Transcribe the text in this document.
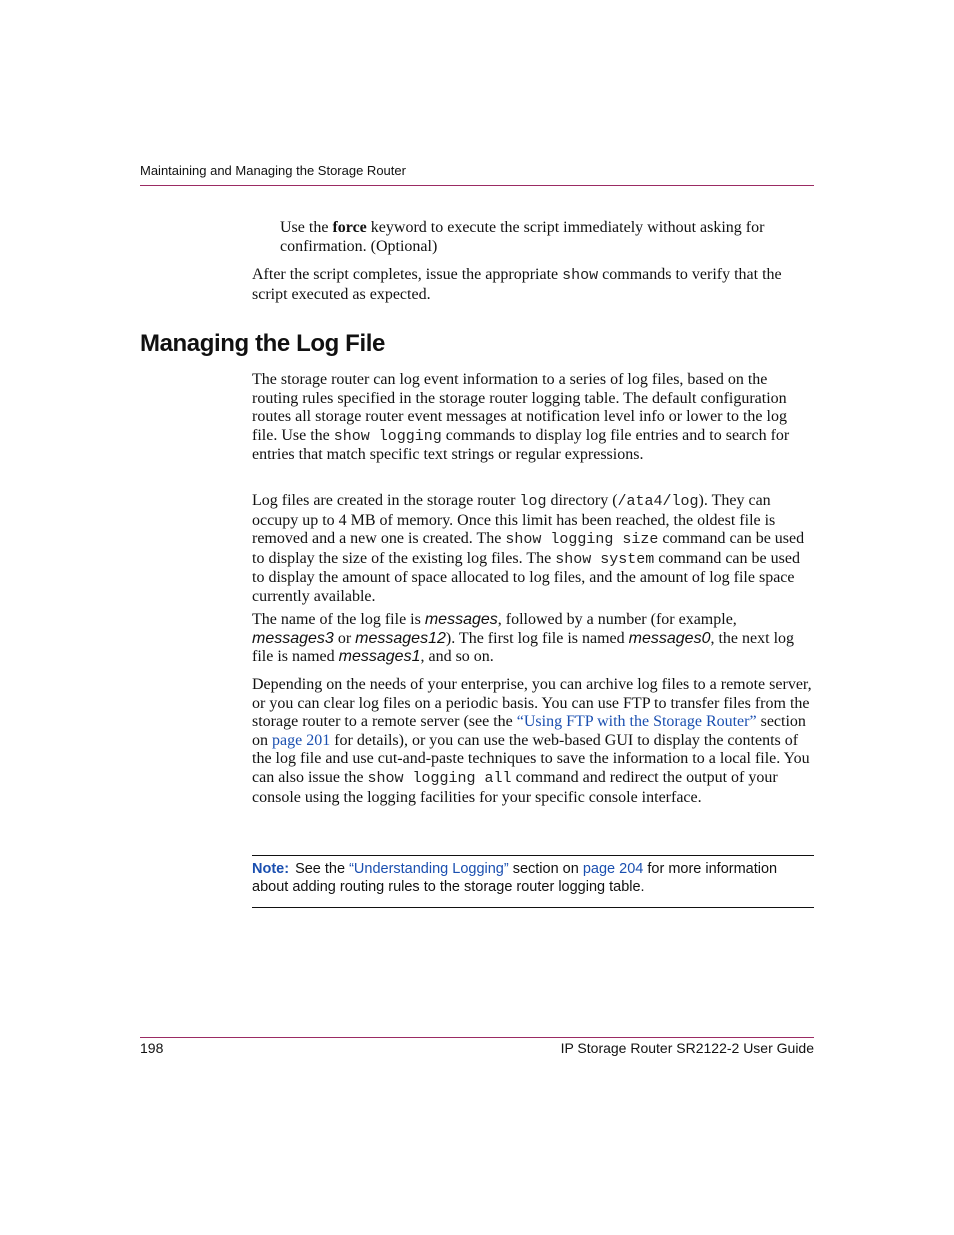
Maintaining and Managing the Storage Router

Use the force keyword to execute the script immediately without asking for confirmation. (Optional)

After the script completes, issue the appropriate show commands to verify that the script executed as expected.

Managing the Log File

The storage router can log event information to a series of log files, based on the routing rules specified in the storage router logging table. The default configuration routes all storage router event messages at notification level info or lower to the log file. Use the show logging commands to display log file entries and to search for entries that match specific text strings or regular expressions.

Log files are created in the storage router log directory (/ata4/log). They can occupy up to 4 MB of memory. Once this limit has been reached, the oldest file is removed and a new one is created. The show logging size command can be used to display the size of the existing log files. The show system command can be used to display the amount of space allocated to log files, and the amount of log file space currently available.

The name of the log file is messages, followed by a number (for example, messages3 or messages12). The first log file is named messages0, the next log file is named messages1, and so on.

Depending on the needs of your enterprise, you can archive log files to a remote server, or you can clear log files on a periodic basis. You can use FTP to transfer files from the storage router to a remote server (see the “Using FTP with the Storage Router” section on page 201 for details), or you can use the web-based GUI to display the contents of the log file and use cut-and-paste techniques to save the information to a local file. You can also issue the show logging all command and redirect the output of your console using the logging facilities for your specific console interface.

Note: See the “Understanding Logging” section on page 204 for more information about adding routing rules to the storage router logging table.
198	IP Storage Router SR2122-2 User Guide
